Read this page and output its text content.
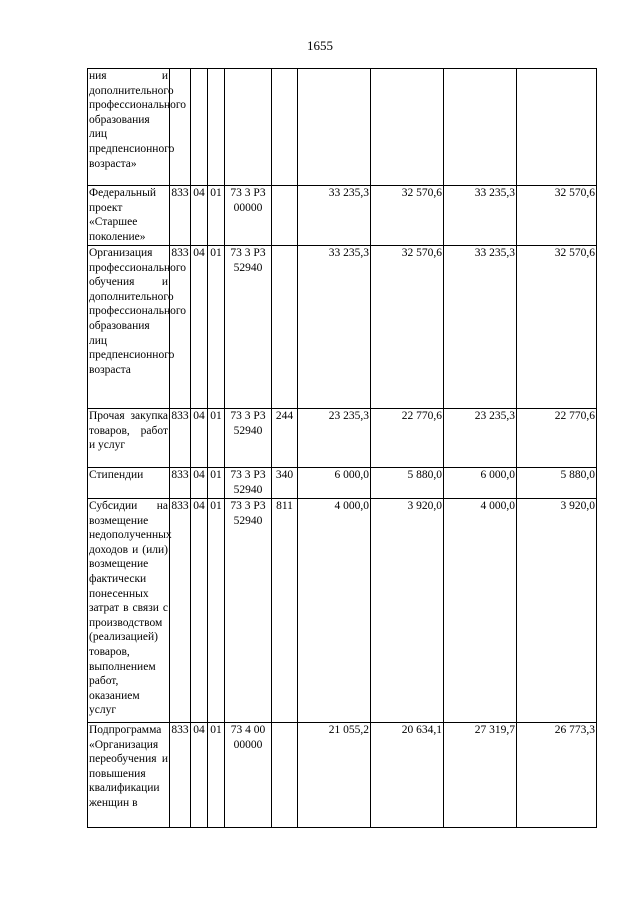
1655
ния и дополнительного профессионального образования лиц предпенсионного возраста»									
Федеральный проект «Старшее поколение»	833	04	01	73 3 P3 00000		33 235,3	32 570,6	33 235,3	32 570,6
Организация профессионального обучения и дополнительного профессионального образования лиц предпенсионного возраста	833	04	01	73 3 P3 52940		33 235,3	32 570,6	33 235,3	32 570,6
Прочая закупка товаров, работ и услуг	833	04	01	73 3 P3 52940	244	23 235,3	22 770,6	23 235,3	22 770,6
Стипендии	833	04	01	73 3 P3 52940	340	6 000,0	5 880,0	6 000,0	5 880,0
Субсидии на возмещение недополученных доходов и (или) возмещение фактически понесенных затрат в связи с производством (реализацией) товаров, выполнением работ, оказанием услуг	833	04	01	73 3 P3 52940	811	4 000,0	3 920,0	4 000,0	3 920,0
Подпрограмма «Организация переобучения и повышения квалификации женщин в	833	04	01	73 4 00 00000		21 055,2	20 634,1	27 319,7	26 773,3
